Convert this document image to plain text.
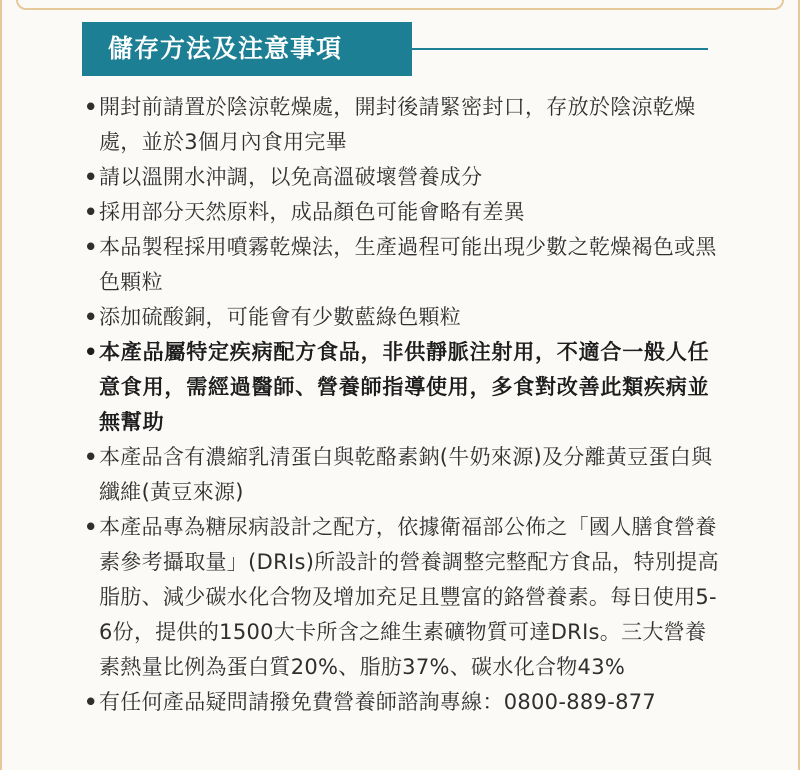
儲存方法及注意事項
• 開封前請置於陰涼乾燥處，開封後請緊密封口，存放於陰涼乾燥處，並於3個月內食用完畢
• 請以溫開水沖調，以免高溫破壞營養成分
• 採用部分天然原料，成品顏色可能會略有差異
• 本品製程採用噴霧乾燥法，生產過程可能出現少數之乾燥褐色或黑色顆粒
• 添加硫酸銅，可能會有少數藍綠色顆粒
• 本產品屬特定疾病配方食品，非供靜脈注射用，不適合一般人任意食用，需經過醫師、營養師指導使用，多食對改善此類疾病並無幫助
• 本產品含有濃縮乳清蛋白與乾酪素鈉(牛奶來源)及分離黃豆蛋白與纖維(黃豆來源)
• 本產品專為糖尿病設計之配方，依據衛福部公佈之「國人膳食營養素參考攝取量」(DRIs)所設計的營養調整完整配方食品，特別提高脂肪、減少碳水化合物及增加充足且豐富的鉻營養素。每日使用5-6份，提供的1500大卡所含之維生素礦物質可達DRIs。三大營養素熱量比例為蛋白質20%、脂肪37%、碳水化合物43%
• 有任何產品疑問請撥免費營養師諮詢專線：0800-889-877
